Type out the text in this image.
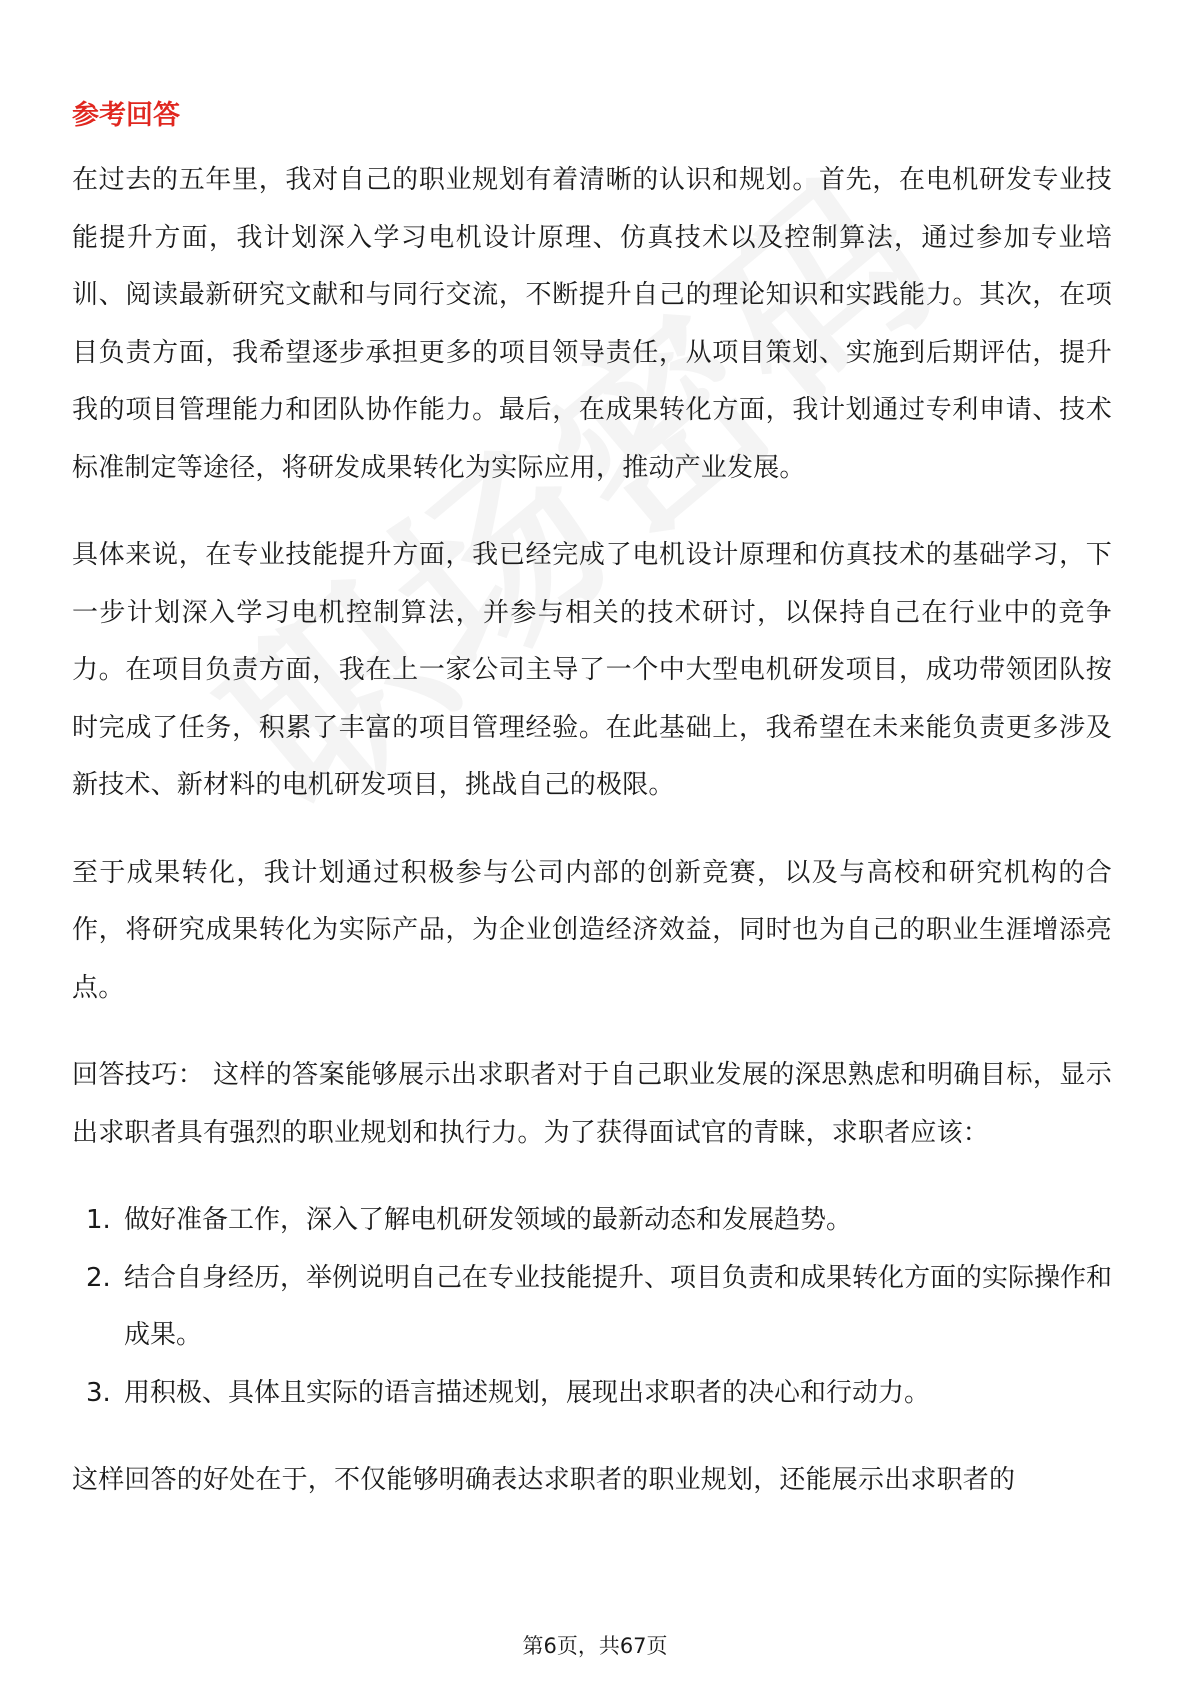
参考回答

在过去的五年里，我对自己的职业规划有着清晰的认识和规划。首先，在电机研发专业技能提升方面，我计划深入学习电机设计原理、仿真技术以及控制算法，通过参加专业培训、阅读最新研究文献和与同行交流，不断提升自己的理论知识和实践能力。其次，在项目负责方面，我希望逐步承担更多的项目领导责任，从项目策划、实施到后期评估，提升我的项目管理能力和团队协作能力。最后，在成果转化方面，我计划通过专利申请、技术标准制定等途径，将研发成果转化为实际应用，推动产业发展。

具体来说，在专业技能提升方面，我已经完成了电机设计原理和仿真技术的基础学习，下一步计划深入学习电机控制算法，并参与相关的技术研讨，以保持自己在行业中的竞争力。在项目负责方面，我在上一家公司主导了一个中大型电机研发项目，成功带领团队按时完成了任务，积累了丰富的项目管理经验。在此基础上，我希望在未来能负责更多涉及新技术、新材料的电机研发项目，挑战自己的极限。

至于成果转化，我计划通过积极参与公司内部的创新竞赛，以及与高校和研究机构的合作，将研究成果转化为实际产品，为企业创造经济效益，同时也为自己的职业生涯增添亮点。

回答技巧： 这样的答案能够展示出求职者对于自己职业发展的深思熟虑和明确目标，显示出求职者具有强烈的职业规划和执行力。为了获得面试官的青睐，求职者应该：

1. 做好准备工作，深入了解电机研发领域的最新动态和发展趋势。
2. 结合自身经历，举例说明自己在专业技能提升、项目负责和成果转化方面的实际操作和成果。
3. 用积极、具体且实际的语言描述规划，展现出求职者的决心和行动力。

这样回答的好处在于，不仅能够明确表达求职者的职业规划，还能展示出求职者的

第6页，共67页
